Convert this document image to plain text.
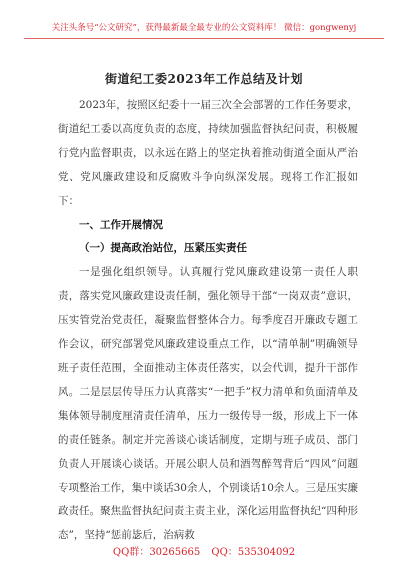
关注头条号“公文研究”，获得最新最全最专业的公文资料库！ 微信：gongwenyj
街道纪工委2023年工作总结及计划

2023年，按照区纪委十一届三次全会部署的工作任务要求，街道纪工委以高度负责的态度，持续加强监督执纪问责，积极履行党内监督职责，以永远在路上的坚定执着推动街道全面从严治党、党风廉政建设和反腐败斗争向纵深发展。现将工作汇报如下：

一、工作开展情况

（一）提高政治站位，压紧压实责任

一是强化组织领导。认真履行党风廉政建设第一责任人职责，落实党风廉政建设责任制，强化领导干部“一岗双责”意识，压实管党治党责任，凝聚监督整体合力。每季度召开廉政专题工作会议，研究部署党风廉政建设重点工作，以“清单制”明确领导班子责任范围，全面推动主体责任落实，以会代训，提升干部作风。二是层层传导压力认真落实“一把手”权力清单和负面清单及集体领导制度厘清责任清单，压力一级传导一级，形成上下一体的责任链条。制定并完善谈心谈话制度，定期与班子成员、部门负责人开展谈心谈话。开展公职人员和酒驾醉驾背后“四风”问题专项整治工作，集中谈话30余人，个别谈话10余人。三是压实廉政责任。聚焦监督执纪问责主责主业，深化运用监督执纪“四种形态”，坚持“惩前毖后，治病救

QQ群：30265665 QQ：535304092
